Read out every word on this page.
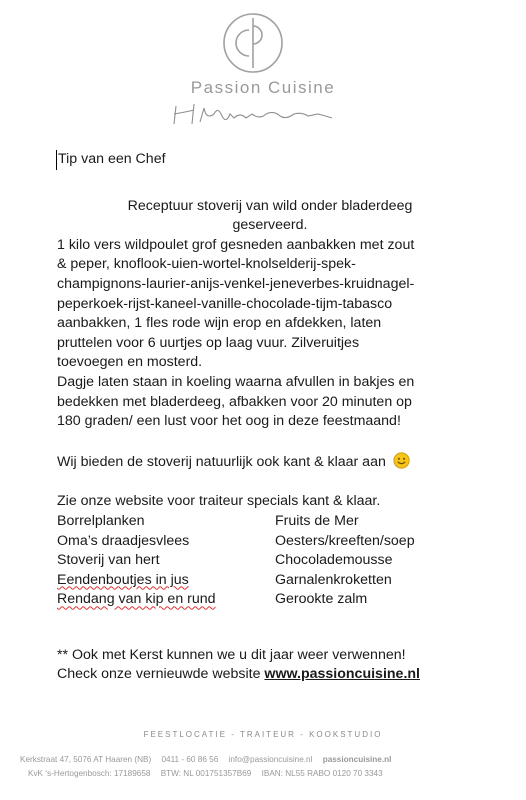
Passion Cuisine

Tip van een Chef

Receptuur stoverij van wild onder bladerdeeg

geserveerd.

1 kilo vers wildpoulet grof gesneden aanbakken met zout

& peper, knoflook-uien-wortel-knolselderij-spek-

champignons-laurier-anijs-venkel-jeneverbes-kruidnagel-

peperkoek-rijst-kaneel-vanille-chocolade-tijm-tabasco

aanbakken, 1 fles rode wijn erop en afdekken, laten

pruttelen voor 6 uurtjes op laag vuur. Zilveruitjes

toevoegen en mosterd.

Dagje laten staan in koeling waarna afvullen in bakjes en

bedekken met bladerdeeg, afbakken voor 20 minuten op

180 graden/ een lust voor het oog in deze feestmaand!

Wij bieden de stoverij natuurlijk ook kant & klaar aan

Zie onze website voor traiteur specials kant & klaar.

Borrelplanken	Fruits de Mer
Oma’s draadjesvlees	Oesters/kreeften/soep
Stoverij van hert	Chocolademousse
Eendenboutjes in jus	Garnalenkroketten
Rendang van kip en rund	Gerookte zalm

** Ook met Kerst kunnen we u dit jaar weer verwennen!

Check onze vernieuwde website www.passioncuisine.nl

FEESTLOCATIE - TRAITEUR - KOOKSTUDIO
Kerkstraat 47, 5076 AT Haaren (NB) 0411 - 60 86 56 info@passioncuisine.nl passioncuisine.nl
KvK ‘s-Hertogenbosch: 17189658 BTW: NL 001751357B69 IBAN: NL55 RABO 0120 70 3343
